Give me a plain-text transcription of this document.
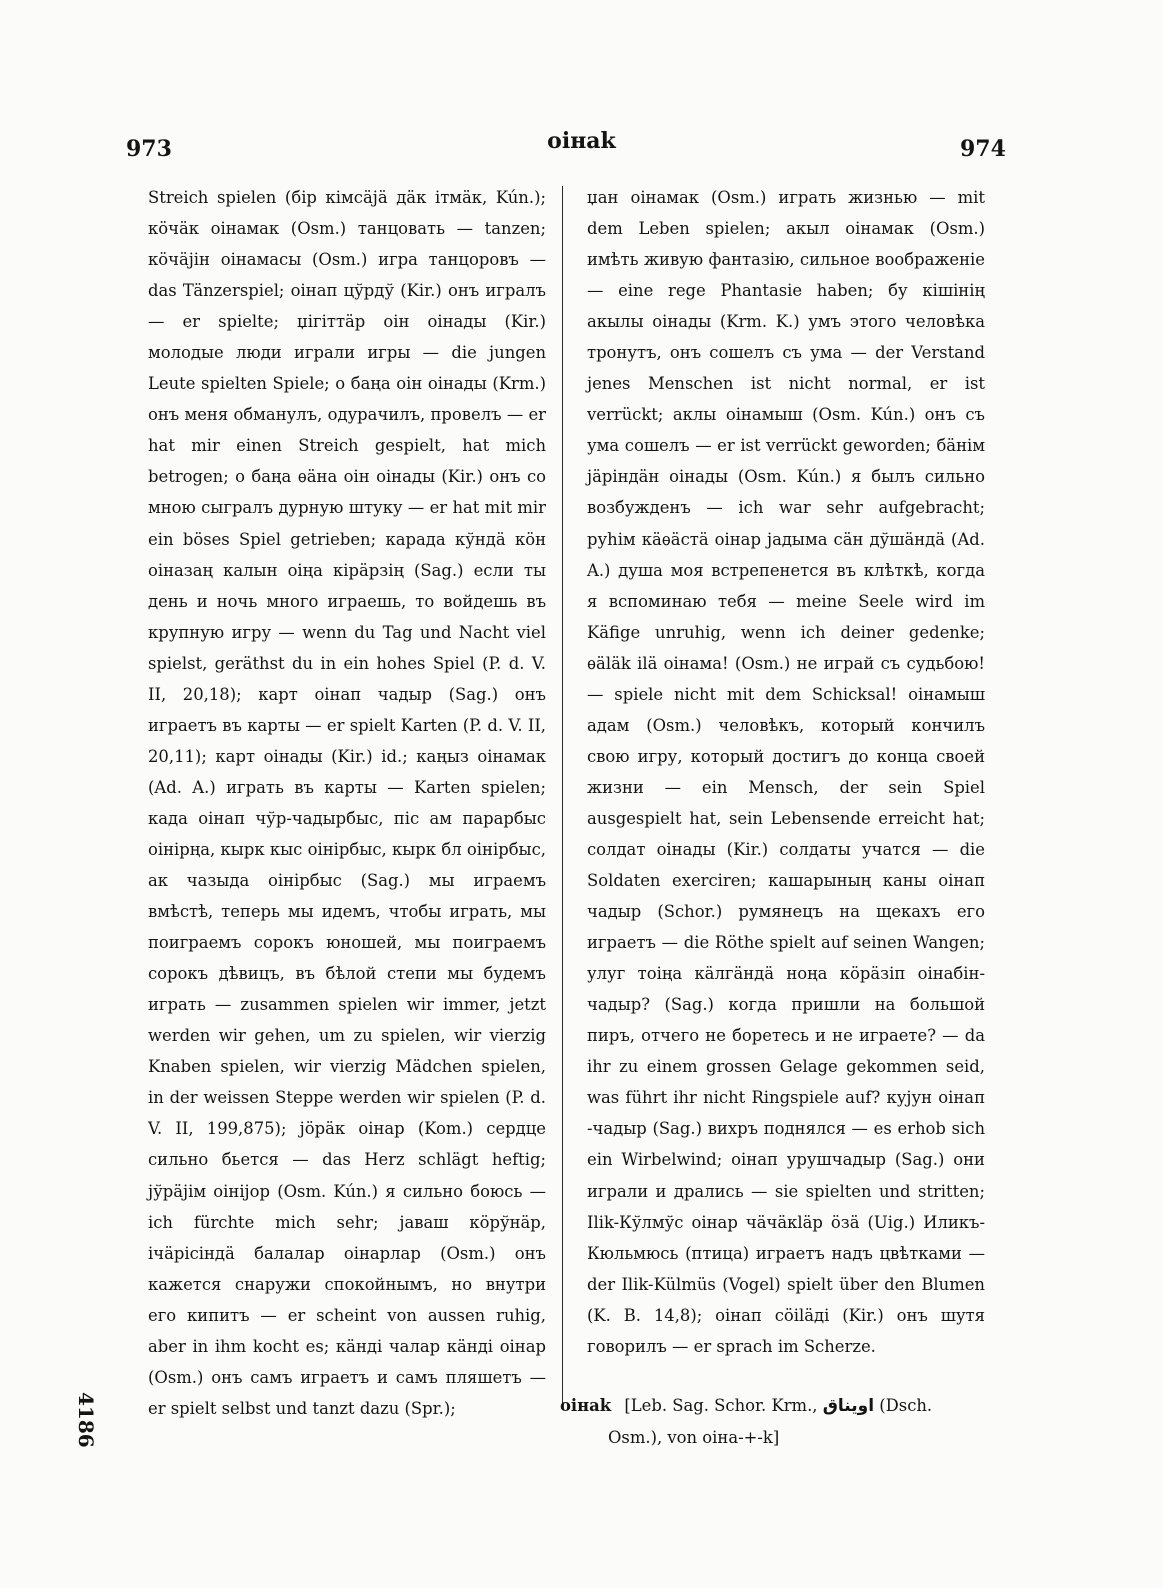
973	oiнak	974

Streich spielen (бір кімсäjä дäк ітмäк, Kún.); кӧчäк оінамак (Osm.) танцовать — tanzen; кӧчäjін оінамасы (Osm.) игра танцоровъ — das Tänzerspiel; оінап цўрдў (Kir.) онъ игралъ — er spielte; џігіттäр оін оінады (Kir.) молодые люди играли игры — die jungen Leute spielten Spiele; о баңа оін оінады (Krm.) онъ меня обманулъ, одурачилъ, провелъ — er hat mir einen Streich gespielt, hat mich betrogen; о баңа ѳäна оін оінады (Kir.) онъ со мною сыгралъ дурную штуку — er hat mit mir ein böses Spiel getrieben; карада кўндä кӧн оіназаң калын оіңа кірäрзің (Sag.) если ты день и ночь много играешь, то войдешь въ крупную игру — wenn du Tag und Nacht viel spielst, geräthst du in ein hohes Spiel (P. d. V. II, 20,18); карт оінап чадыр (Sag.) онъ играетъ въ карты — er spielt Karten (P. d. V. II, 20,11); карт оінады (Kir.) id.; каңыз оінамак (Ad. A.) играть въ карты — Karten spielen; када оінап чўр-чадырбыс, піс ам парарбыс оінірңа, кырк кыс оінірбыс, кырк бл оінірбыс, ак чазыда оінірбыс (Sag.) мы играемъ вмѣстѣ, теперь мы идемъ, чтобы играть, мы поиграемъ сорокъ юношей, мы поиграемъ сорокъ дѣвицъ, въ бѣлой степи мы будемъ играть — zusammen spielen wir immer, jetzt werden wir gehen, um zu spielen, wir vierzig Knaben spielen, wir vierzig Mädchen spielen, in der weissen Steppe werden wir spielen (P. d. V. II, 199,875); jӧрäк оінар (Kom.) сердце сильно бьется — das Herz schlägt heftig; jўрäjім оінijор (Osm. Kún.) я сильно боюсь — ich fürchte mich sehr; јаваш кӧрўнäр, ічäрісіндä балалар оінарлар (Osm.) онъ кажется снаружи спокойнымъ, но внутри его кипитъ — er scheint von aussen ruhig, aber in ihm kocht es; кäнді чалар кäнді оінар (Osm.) онъ самъ играетъ и самъ пляшетъ — er spielt selbst und tanzt dazu (Spr.);

џан оінамак (Osm.) играть жизнью — mit dem Leben spielen; акыл оінамак (Osm.) имѣть живую фантазію, сильное воображеніе — eine rege Phantasie haben; бу кішінің акылы оінады (Krm. K.) умъ этого человѣка тронутъ, онъ сошелъ съ ума — der Verstand jenes Menschen ist nicht normal, er ist verrückt; аклы оінамыш (Osm. Kún.) онъ съ ума сошелъ — er ist verrückt geworden; бäнім jäріндäн оінады (Osm. Kún.) я былъ сильно возбужденъ — ich war sehr aufgebracht; руһім кäѳäстä оінар јадыма сäн дўшäндä (Ad. A.) душа моя встрепенется въ клѣткѣ, когда я вспоминаю тебя — meine Seele wird im Käfige unruhig, wenn ich deiner gedenke; ѳäläk ilä оінама! (Osm.) не играй съ судьбою! — spiele nicht mit dem Schicksal! оінамыш адам (Osm.) человѣкъ, который кончилъ свою игру, который достигъ до конца своей жизни — ein Mensch, der sein Spiel ausgespielt hat, sein Lebensende erreicht hat; солдат оінады (Kir.) солдаты учатся — die Soldaten exerciren; кашарының каны оінап чадыр (Schor.) румянецъ на щекахъ его играетъ — die Röthe spielt auf seinen Wangen; улуг тоіңа кäлгäндä ноңа кӧрäзіп оінабін-чадыр? (Sag.) когда пришли на большой пиръ, отчего не боретесь и не играете? — da ihr zu einem grossen Gelage gekommen seid, was führt ihr nicht Ringspiele auf? кујун оінап -чадыр (Sag.) вихръ поднялся — es erhob sich ein Wirbelwind; оінап урушчадыр (Sag.) они играли и дрались — sie spielten und stritten; Ilik-Кўлмўс оінар чäчäкläр ӧзä (Uig.) Иликъ-Кюльмюсь (птица) играетъ надъ цвѣтками — der Ilik-Külmüs (Vogel) spielt über den Blumen (K. B. 14,8); оінап сӧiläді (Kir.) онъ шутя говорилъ — er sprach im Scherze.

4186	oiнak [Leb. Sag. Schor. Krm., اويناق (Dsch.
Osm.), von оіна-+-k]
